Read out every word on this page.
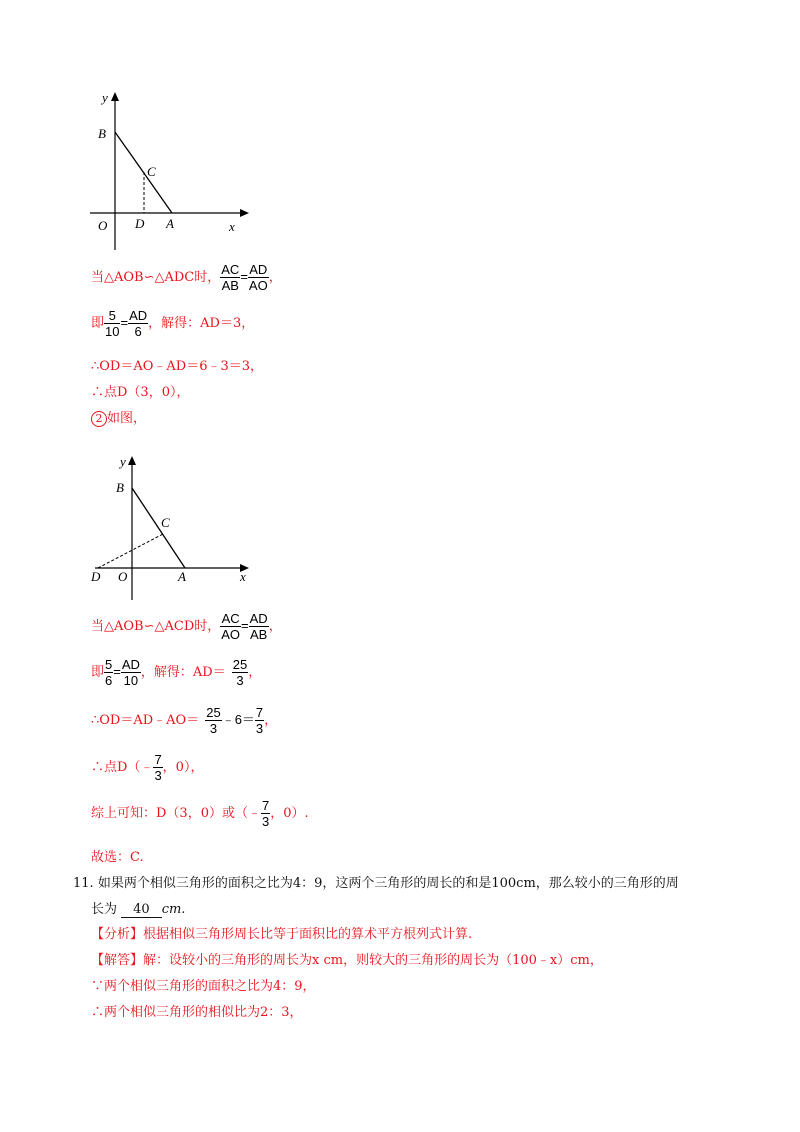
y
B
C
O D A	x
当△AOB∽△ADC时， $\frac{AC}{AB} = \frac{AD}{AO}$ ，
即 $\frac{5}{10} = \frac{AD}{6}$ ，解得：AD＝3，
∴OD＝AO﹣AD＝6﹣3＝3，
∴点D（3，0），
2 如图，
y
B
C
D O	A	x
当△AOB∽△ACD时， $\frac{AC}{AO} = \frac{AD}{AB}$ ，
即 $\frac{5}{6} = \frac{AD}{10}$ ，解得：$AD= \frac{25}{3}$ ，
∴OD＝AD﹣AO＝ $\frac{25}{3}$ ﹣6＝ $\frac{7}{3}$ ，
∴点D（﹣ $\frac{7}{3}$ ，0），
综上可知：D（3，0）或（﹣ $\frac{7}{3}$ ，0）.
故选：C.
11. 如果两个相似三角形的面积之比为4：9，这两个三角形的周长的和是100cm，那么较小的三角形的周
长为 40 cm.
【分析】根据相似三角形周长比等于面积比的算术平方根列式计算.
【解答】解：设较小的三角形的周长为x cm，则较大的三角形的周长为（100﹣x）cm，
∵两个相似三角形的面积之比为4：9，
∴两个相似三角形的相似比为2：3，
